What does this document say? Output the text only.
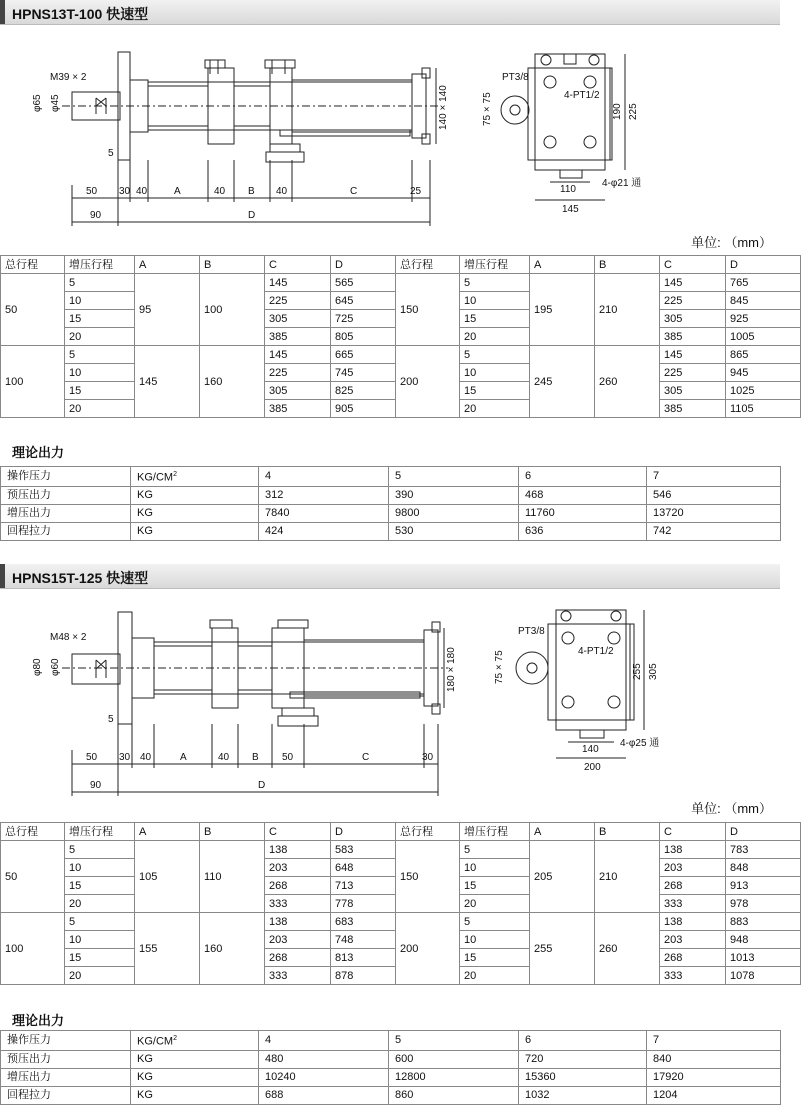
HPNS13T-100 快速型
M39 × 2
φ65 φ45
5
50 30 40	A	40 B 40	C	25
90	D
140 × 140
PT3/8
4-PT1/2
75 × 75	190 225
110
145
4-φ21 通
单位: （mm）
总行程	增压行程	A	B	C	D	总行程	增压行程	A	B	C	D
50	5	95	100	145	565	150	5	195	210	145	765
	10			225	645		10			225	845
	15			305	725		15			305	925
	20			385	805		20			385	1005
100	5	145	160	145	665	200	5	245	260	145	865
	10			225	745		10			225	945
	15			305	825		15			305	1025
	20			385	905		20			385	1105
理论出力
操作压力	$KG/CM^2$	4	5	6	7
预压出力	KG	312	390	468	546
增压出力	KG	7840	9800	11760	13720
回程拉力	KG	424	530	636	742
HPNS15T-125 快速型
M48 × 2
φ80 φ60
5
50 30 40	A	40 B 50	C	30
90	D
180 × 180
PT3/8
4-PT1/2
75 × 75	255 305
140
200
4-φ25 通
单位: （mm）
总行程	增压行程	A	B	C	D	总行程	增压行程	A	B	C	D
50	5	105	110	138	583	150	5	205	210	138	783
	10			203	648		10			203	848
	15			268	713		15			268	913
	20			333	778		20			333	978
100	5	155	160	138	683	200	5	255	260	138	883
	10			203	748		10			203	948
	15			268	813		15			268	1013
	20			333	878		20			333	1078
理论出力
操作压力	$KG/CM^2$	4	5	6	7
预压出力	KG	480	600	720	840
增压出力	KG	10240	12800	15360	17920
回程拉力	KG	688	860	1032	1204
